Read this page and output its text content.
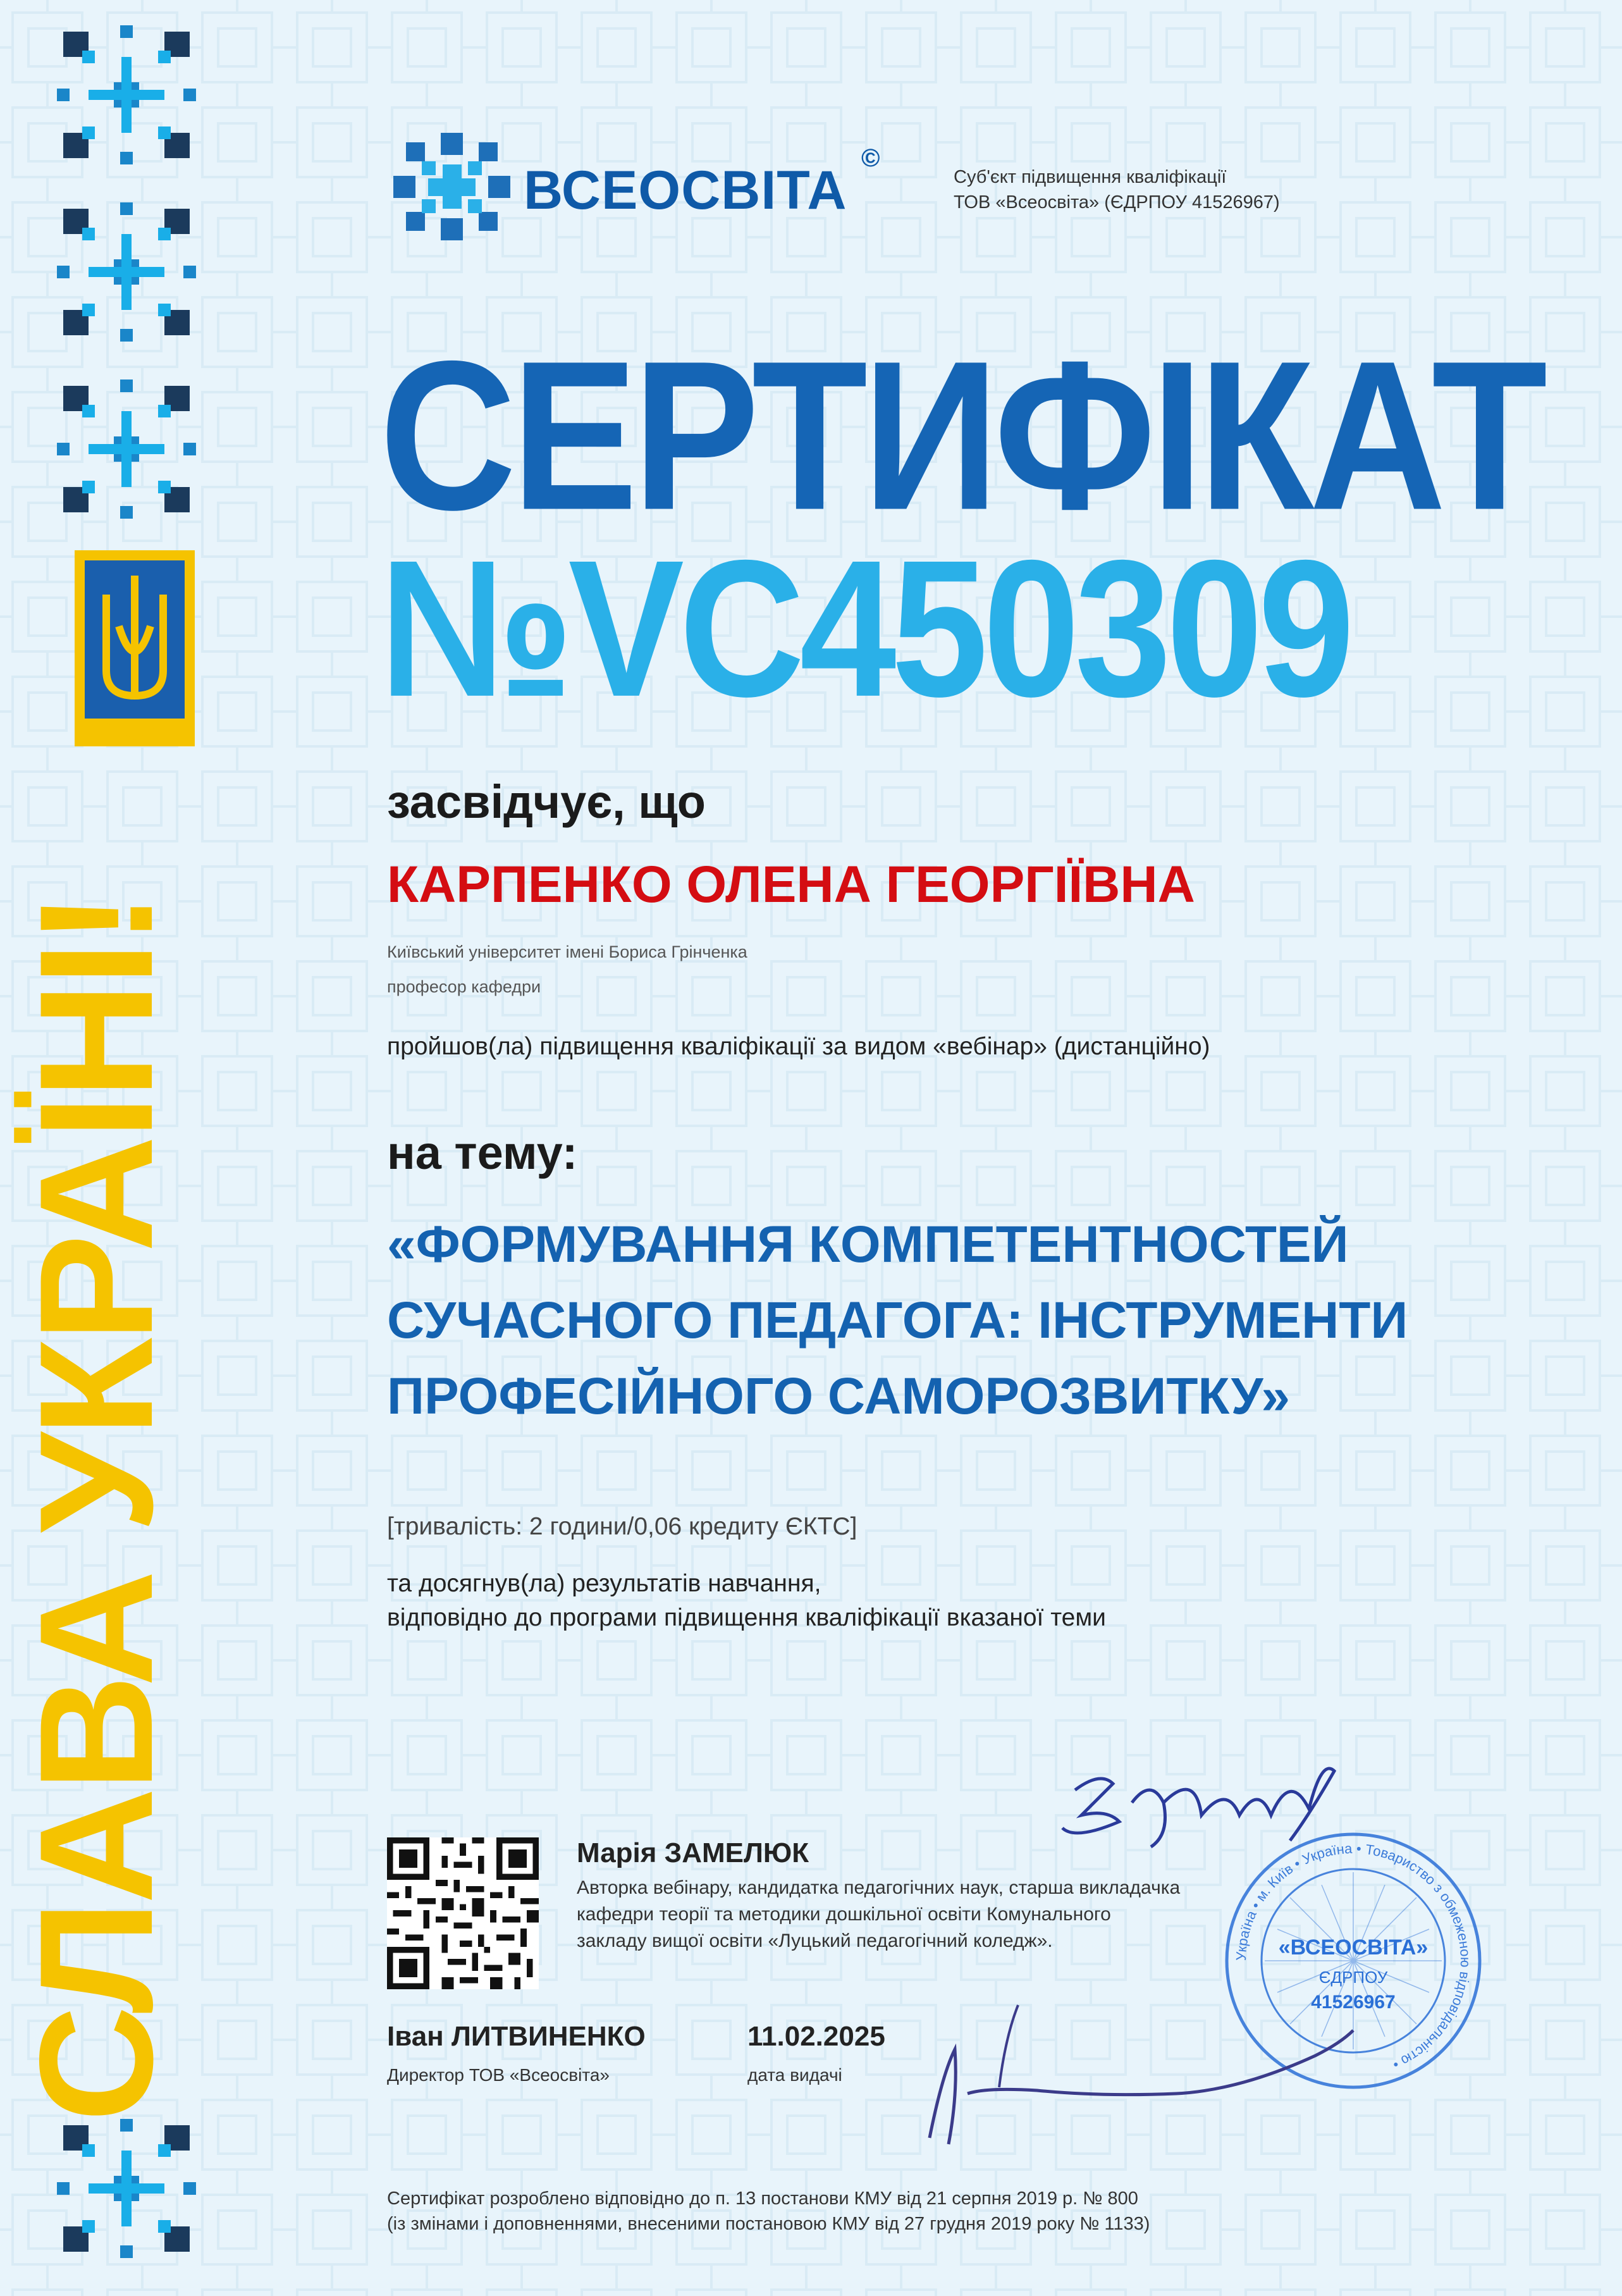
СЛАВА УКРАЇНІ!
ВСЕОСВІТА
©
Суб'єкт підвищення кваліфікації
ТОВ «Всеосвіта» (ЄДРПОУ 41526967)
СЕРТИФІКАТ
№VC450309
засвідчує, що
КАРПЕНКО ОЛЕНА ГЕОРГІЇВНА
Київський університет імені Бориса Грінченка
професор кафедри
пройшов(ла) підвищення кваліфікації за видом «вебінар» (дистанційно)
на тему:
«ФОРМУВАННЯ КОМПЕТЕНТНОСТЕЙ
СУЧАСНОГО ПЕДАГОГА: ІНСТРУМЕНТИ
ПРОФЕСІЙНОГО САМОРОЗВИТКУ»
[тривалість: 2 години/0,06 кредиту ЄКТС]
та досягнув(ла) результатів навчання,
відповідно до програми підвищення кваліфікації вказаної теми
Марія ЗАМЕЛЮК
Авторка вебінару, кандидатка педагогічних наук, старша викладачка
кафедри теорії та методики дошкільної освіти Комунального
закладу вищої освіти «Луцький педагогічний коледж».
Україна • м. Київ • Україна • Товариство з обмеженою відповідальністю •
«ВСЕОСВІТА»
ЄДРПОУ
41526967
Іван ЛИТВИНЕНКО
Директор ТОВ «Всеосвіта»
11.02.2025
дата видачі
Сертифікат розроблено відповідно до п. 13 постанови КМУ від 21 серпня 2019 р. № 800
(із змінами і доповненнями, внесеними постановою КМУ від 27 грудня 2019 року № 1133)
